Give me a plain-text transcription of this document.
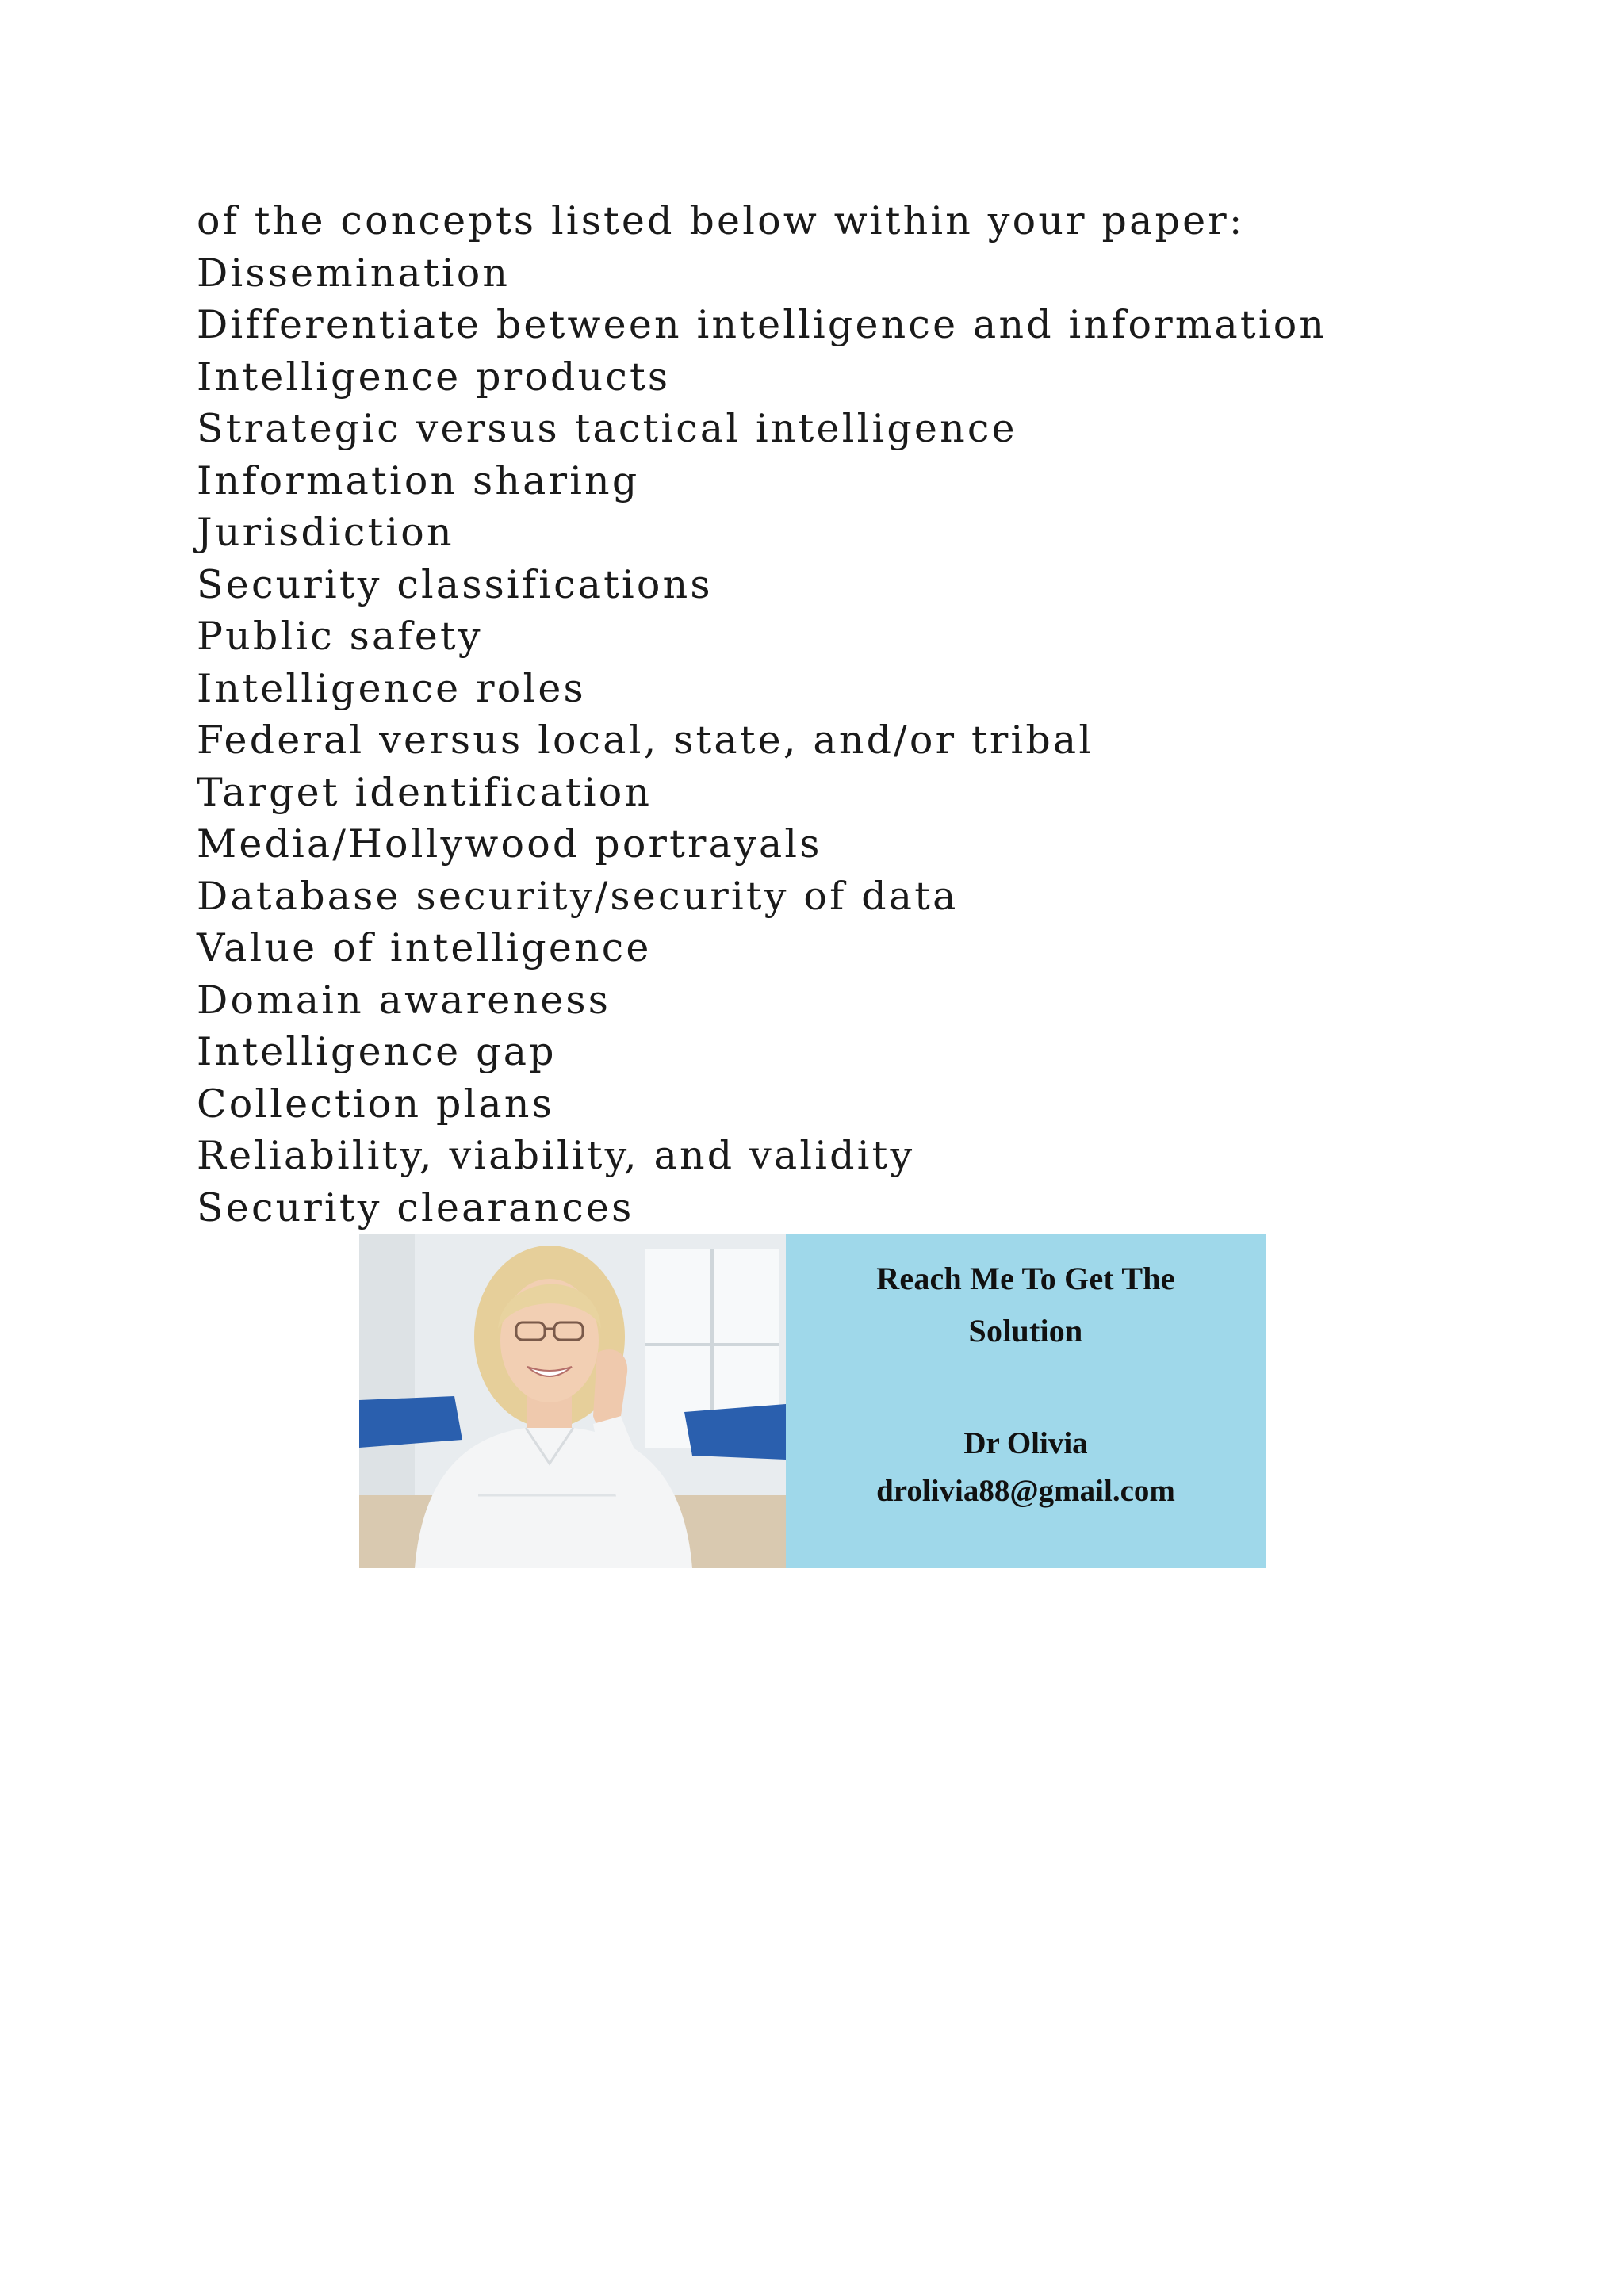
of the concepts listed below within your paper:
Dissemination
Differentiate between intelligence and information
Intelligence products
Strategic versus tactical intelligence
Information sharing
Jurisdiction
Security classifications
Public safety
Intelligence roles
Federal versus local, state, and/or tribal
Target identification
Media/Hollywood portrayals
Database security/security of data
Value of intelligence
Domain awareness
Intelligence gap
Collection plans
Reliability, viability, and validity
Security clearances
Reach Me To Get The
Solution
Dr Olivia
drolivia88@gmail.com
